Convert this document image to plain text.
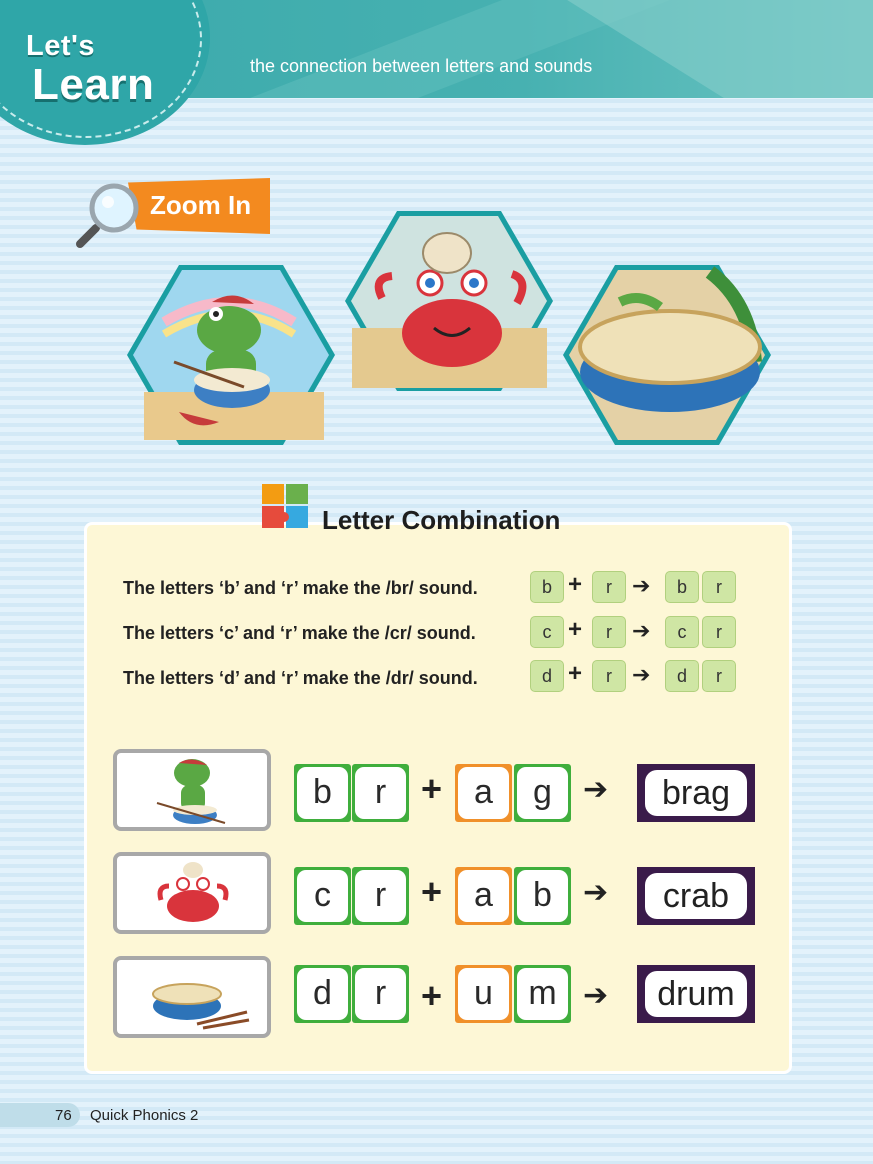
Let's
Learn	the connection between letters and sounds
Zoom In
Letter Combination
The letters ‘b’ and ‘r’ make the /br/ sound.	b +	r ➔	b	r
The letters ‘c’ and ‘r’ make the /cr/ sound.	c +	r ➔	c	r
The letters ‘d’ and ‘r’ make the /dr/ sound.	d +	r ➔	d	r
b	r + a	g	➔	brag
c	r + a	b	➔	crab
d	r + u	m ➔	drum
76 Quick Phonics 2
